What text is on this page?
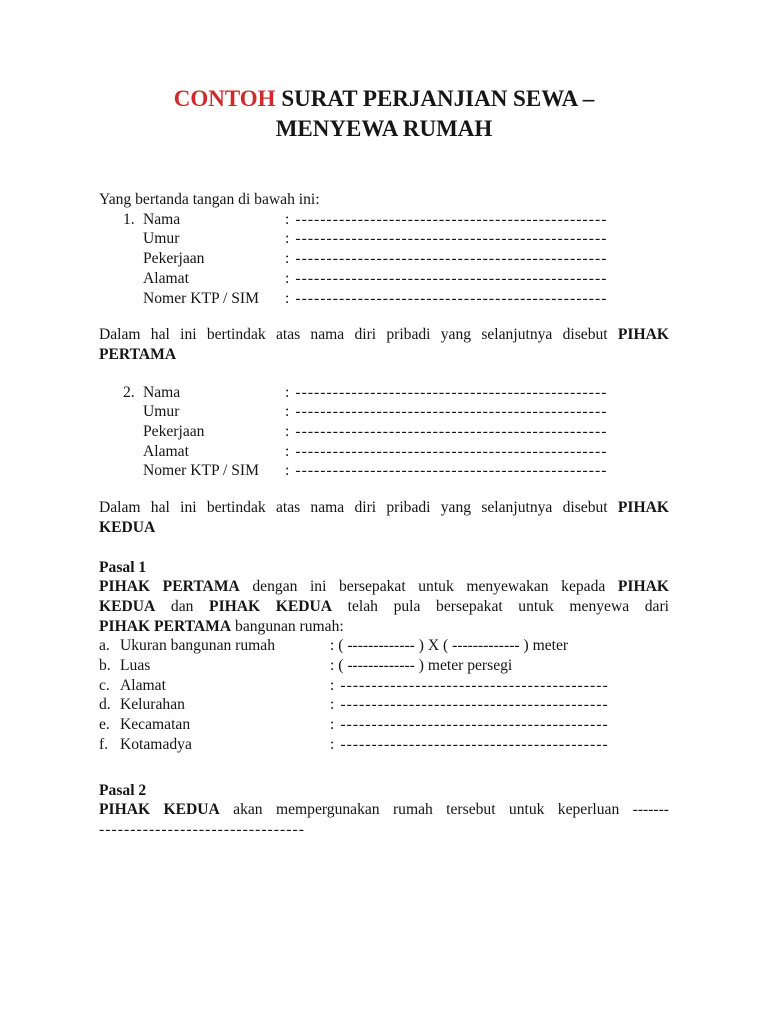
CONTOH SURAT PERJANJIAN SEWA –
MENYEWA RUMAH
Yang bertanda tangan di bawah ini:
1. Nama	: --------------------------------------------------
Umur	: --------------------------------------------------
Pekerjaan	: --------------------------------------------------
Alamat	: --------------------------------------------------
Nomer KTP / SIM	: --------------------------------------------------
Dalam hal ini bertindak atas nama diri pribadi yang selanjutnya disebut PIHAK
PERTAMA
2. Nama	: --------------------------------------------------
Umur	: --------------------------------------------------
Pekerjaan	: --------------------------------------------------
Alamat	: --------------------------------------------------
Nomer KTP / SIM	: --------------------------------------------------
Dalam hal ini bertindak atas nama diri pribadi yang selanjutnya disebut PIHAK
KEDUA
Pasal 1
PIHAK PERTAMA dengan ini bersepakat untuk menyewakan kepada PIHAK
KEDUA dan PIHAK KEDUA telah pula bersepakat untuk menyewa dari
PIHAK PERTAMA bangunan rumah:
a. Ukuran bangunan rumah	: ( ------------- ) X ( ------------- ) meter
b. Luas	: ( ------------- ) meter persegi
c. Alamat	: -------------------------------------------
d. Kelurahan	: -------------------------------------------
e. Kecamatan	: -------------------------------------------
f. Kotamadya	: -------------------------------------------
Pasal 2
PIHAK KEDUA akan mempergunakan rumah tersebut untuk keperluan -------
---------------------------------
